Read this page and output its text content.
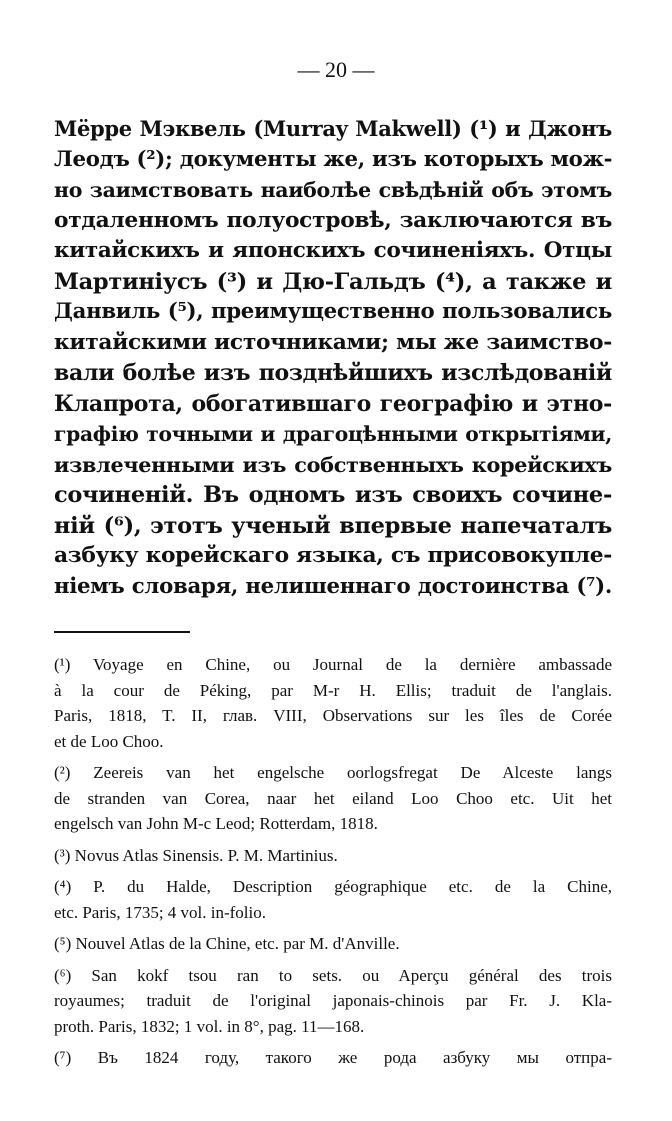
— 20 —
Мёрре Мэквель (Murray Makwell) (¹) и Джонъ
Леодъ (²); документы же, изъ которыхъ мож-
но заимствовать наиболѣе свѣдѣній объ этомъ
отдаленномъ полуостровѣ, заключаются въ
китайскихъ и японскихъ сочиненіяхъ. Отцы
Мартиніусъ (³) и Дю-Гальдъ (⁴), а также и
Данвиль (⁵), преимущественно пользовались
китайскими источниками; мы же заимство-
вали болѣе изъ позднѣйшихъ изслѣдованій
Клапрота, обогатившаго географію и этно-
графію точными и драгоцѣнными открытіями,
извлеченными изъ собственныхъ корейскихъ
сочиненій. Въ одномъ изъ своихъ сочине-
ній (⁶), этотъ ученый впервые напечаталъ
азбуку корейскаго языка, съ присовокупле-
ніемъ словаря, нелишеннаго достоинства (⁷).
(¹) Voyage en Chine, ou Journal de la dernière ambassade
à la cour de Péking, par M-r H. Ellis; traduit de l'anglais.
Paris, 1818, T. II, глав. VIII, Observations sur les îles de Corée
et de Loo Choo.
(²) Zeereis van het engelsche oorlogsfregat De Alceste langs
de stranden van Corea, naar het eiland Loo Choo etc. Uit het
engelsch van John M-c Leod; Rotterdam, 1818.
(³) Novus Atlas Sinensis. P. M. Martinius.
(⁴) P. du Halde, Description géographique etc. de la Chine,
etc. Paris, 1735; 4 vol. in-folio.
(⁵) Nouvel Atlas de la Chine, etc. par M. d'Anville.
(⁶) San kokf tsou ran to sets. ou Aperçu général des trois
royaumes; traduit de l'original japonais-chinois par Fr. J. Kla-
proth. Paris, 1832; 1 vol. in 8°, pag. 11—168.
(⁷) Въ 1824 году, такого же рода азбуку мы отпра-
